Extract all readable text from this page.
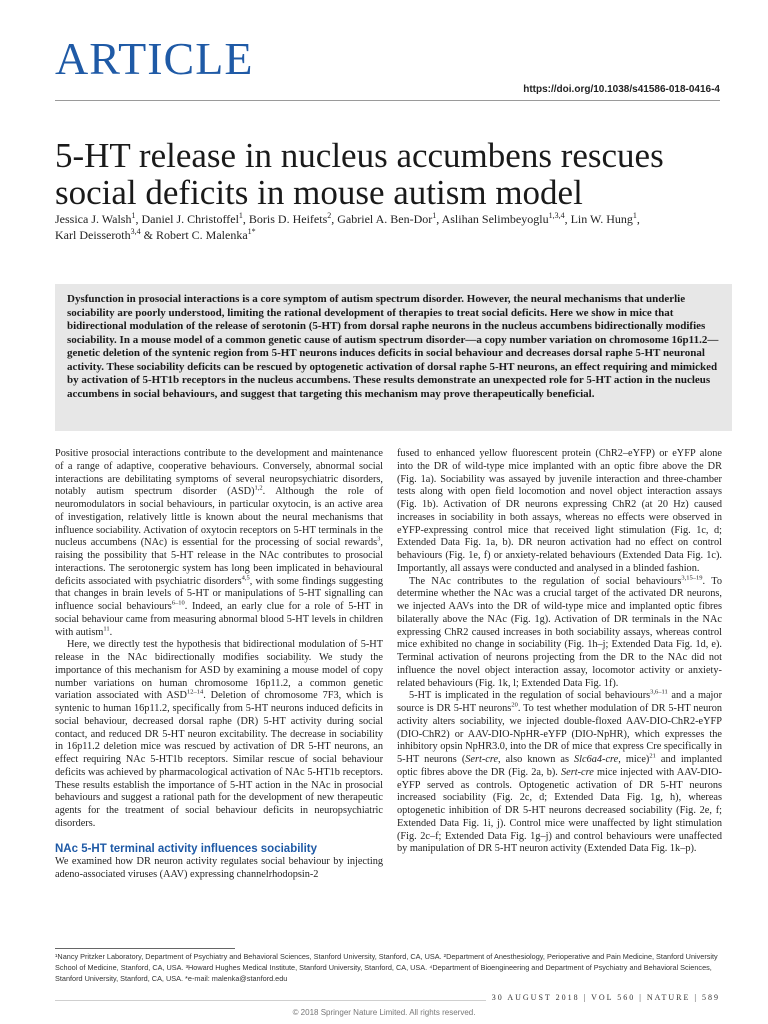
ARTICLE
https://doi.org/10.1038/s41586-018-0416-4
5-HT release in nucleus accumbens rescues social deficits in mouse autism model
Jessica J. Walsh$^1$, Daniel J. Christoffel$^1$, Boris D. Heifets$^2$, Gabriel A. Ben-Dor$^1$, Aslihan Selimbeyoglu$^{1,3,4}$, Lin W. Hung$^1$,
Karl Deisseroth$^{3,4}$ & Robert C. Malenka$^{1*}$

Dysfunction in prosocial interactions is a core symptom of autism spectrum disorder. However, the neural mechanisms that underlie sociability are poorly understood, limiting the rational development of therapies to treat social deficits. Here we show in mice that bidirectional modulation of the release of serotonin (5-HT) from dorsal raphe neurons in the nucleus accumbens bidirectionally modifies sociability. In a mouse model of a common genetic cause of autism spectrum disorder—a copy number variation on chromosome 16p11.2—genetic deletion of the syntenic region from 5-HT neurons induces deficits in social behaviour and decreases dorsal raphe 5-HT neuronal activity. These sociability deficits can be rescued by optogenetic activation of dorsal raphe 5-HT neurons, an effect requiring and mimicked by activation of 5-HT1b receptors in the nucleus accumbens. These results demonstrate an unexpected role for 5-HT action in the nucleus accumbens in social behaviours, and suggest that targeting this mechanism may prove therapeutically beneficial.

Positive prosocial interactions contribute to the development and maintenance of a range of adaptive, cooperative behaviours. Conversely, abnormal social interactions are debilitating symptoms of several neuropsychiatric disorders, notably autism spectrum disorder (ASD)$^{1,2}$. Although the role of neuromodulators in social behaviours, in particular oxytocin, is an active area of investigation, relatively little is known about the neural mechanisms that influence sociability. Activation of oxytocin receptors on 5-HT terminals in the nucleus accumbens (NAc) is essential for the processing of social rewards$^3$, raising the possibility that 5-HT release in the NAc contributes to prosocial interactions. The serotonergic system has long been implicated in behavioural deficits associated with psychiatric disorders$^{4,5}$, with some findings suggesting that changes in brain levels of 5-HT or manipulations of 5-HT signalling can influence social behaviours$^{6-10}$. Indeed, an early clue for a role of 5-HT in social behaviour came from measuring abnormal blood 5-HT levels in children with autism$^{11}$.

Here, we directly test the hypothesis that bidirectional modulation of 5-HT release in the NAc bidirectionally modifies sociability. We study the importance of this mechanism for ASD by examining a mouse model of copy number variations on human chromosome 16p11.2, a common genetic variation associated with ASD$^{12-14}$. Deletion of chromosome 7F3, which is syntenic to human 16p11.2, specifically from 5-HT neurons induced deficits in social behaviour, decreased dorsal raphe (DR) 5-HT activity during social contact, and reduced DR 5-HT neuron excitability. The decrease in sociability in 16p11.2 deletion mice was rescued by activation of DR 5-HT neurons, an effect requiring NAc 5-HT1b receptors. Similar rescue of social behaviour deficits was achieved by pharmacological activation of NAc 5-HT1b receptors. These results establish the importance of 5-HT action in the NAc in prosocial behaviours and suggest a rational path for the development of new therapeutic agents for the treatment of social behaviour deficits in neuropsychiatric disorders.

NAc 5-HT terminal activity influences sociability

We examined how DR neuron activity regulates social behaviour by injecting adeno-associated viruses (AAV) expressing channelrhodopsin-2

fused to enhanced yellow fluorescent protein (ChR2–eYFP) or eYFP alone into the DR of wild-type mice implanted with an optic fibre above the DR (Fig. 1a). Sociability was assayed by juvenile interaction and three-chamber tests along with open field locomotion and novel object interaction assays (Fig. 1b). Activation of DR neurons expressing ChR2 (at 20 Hz) caused increases in sociability in both assays, whereas no effects were observed in eYFP-expressing control mice that received light stimulation (Fig. 1c, d; Extended Data Fig. 1a, b). DR neuron activation had no effect on control behaviours (Fig. 1e, f) or anxiety-related behaviours (Extended Data Fig. 1c). Importantly, all assays were conducted and analysed in a blinded fashion.

The NAc contributes to the regulation of social behaviours$^{3,15-19}$. To determine whether the NAc was a crucial target of the activated DR neurons, we injected AAVs into the DR of wild-type mice and implanted optic fibres bilaterally above the NAc (Fig. 1g). Activation of DR terminals in the NAc expressing ChR2 caused increases in both sociability assays, whereas control mice exhibited no change in sociability (Fig. 1h–j; Extended Data Fig. 1d, e). Terminal activation of neurons projecting from the DR to the NAc did not influence the novel object interaction assay, locomotor activity or anxiety-related behaviours (Fig. 1k, l; Extended Data Fig. 1f).

5-HT is implicated in the regulation of social behaviours$^{3,6-11}$ and a major source is DR 5-HT neurons$^{20}$. To test whether modulation of DR 5-HT neuron activity alters sociability, we injected double-floxed AAV-DIO-ChR2-eYFP (DIO-ChR2) or AAV-DIO-NpHR-eYFP (DIO-NpHR), which expresses the inhibitory opsin NpHR3.0, into the DR of mice that express Cre specifically in 5-HT neurons (Sert-cre, also known as Slc6a4-cre, mice)$^{21}$ and implanted optic fibres above the DR (Fig. 2a, b). Sert-cre mice injected with AAV-DIO-eYFP served as controls. Optogenetic activation of DR 5-HT neurons increased sociability (Fig. 2c, d; Extended Data Fig. 1g, h), whereas optogenetic inhibition of DR 5-HT neurons decreased sociability (Fig. 2e, f; Extended Data Fig. 1i, j). Control mice were unaffected by light stimulation (Fig. 2c–f; Extended Data Fig. 1g–j) and control behaviours were unaffected by manipulation of DR 5-HT neuron activity (Extended Data Fig. 1k–p).

¹Nancy Pritzker Laboratory, Department of Psychiatry and Behavioral Sciences, Stanford University, Stanford, CA, USA. ²Department of Anesthesiology, Perioperative and Pain Medicine, Stanford University School of Medicine, Stanford, CA, USA. ³Howard Hughes Medical Institute, Stanford University, Stanford, CA, USA. ⁴Department of Bioengineering and Department of Psychiatry and Behavioral Sciences, Stanford University, Stanford, CA, USA. *e-mail: malenka@stanford.edu
30 AUGUST 2018 | VOL 560 | NATURE | 589
© 2018 Springer Nature Limited. All rights reserved.
